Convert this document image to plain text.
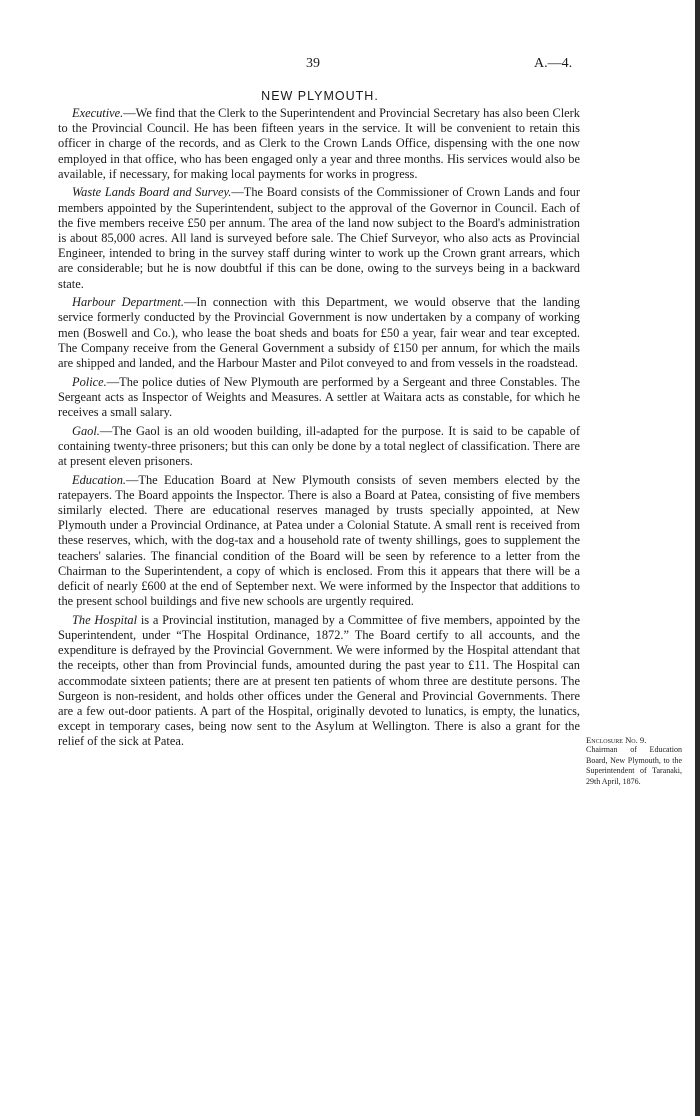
39	A.—4.
NEW PLYMOUTH.

Executive.—We find that the Clerk to the Superintendent and Provincial Secretary has also been Clerk to the Provincial Council. He has been fifteen years in the service. It will be convenient to retain this officer in charge of the records, and as Clerk to the Crown Lands Office, dispensing with the one now employed in that office, who has been engaged only a year and three months. His services would also be available, if necessary, for making local payments for works in progress.

Waste Lands Board and Survey.—The Board consists of the Commissioner of Crown Lands and four members appointed by the Superintendent, subject to the approval of the Governor in Council. Each of the five members receive £50 per annum. The area of the land now subject to the Board's administration is about 85,000 acres. All land is surveyed before sale. The Chief Surveyor, who also acts as Provincial Engineer, intended to bring in the survey staff during winter to work up the Crown grant arrears, which are considerable; but he is now doubtful if this can be done, owing to the surveys being in a backward state.

Harbour Department.—In connection with this Department, we would observe that the landing service formerly conducted by the Provincial Government is now undertaken by a company of working men (Boswell and Co.), who lease the boat sheds and boats for £50 a year, fair wear and tear excepted. The Company receive from the General Government a subsidy of £150 per annum, for which the mails are shipped and landed, and the Harbour Master and Pilot conveyed to and from vessels in the roadstead.

Police.—The police duties of New Plymouth are performed by a Sergeant and three Constables. The Sergeant acts as Inspector of Weights and Measures. A settler at Waitara acts as constable, for which he receives a small salary.

Gaol.—The Gaol is an old wooden building, ill-adapted for the purpose. It is said to be capable of containing twenty-three prisoners; but this can only be done by a total neglect of classification. There are at present eleven prisoners.

Education.—The Education Board at New Plymouth consists of seven members elected by the ratepayers. The Board appoints the Inspector. There is also a Board at Patea, consisting of five members similarly elected. There are educational reserves managed by trusts specially appointed, at New Plymouth under a Provincial Ordinance, at Patea under a Colonial Statute. A small rent is received from these reserves, which, with the dog-tax and a household rate of twenty shillings, goes to supplement the teachers' salaries. The financial condition of the Board will be seen by reference to a letter from the Chairman to the Superintendent, a copy of which is enclosed. From this it appears that there will be a deficit of nearly £600 at the end of September next. We were informed by the Inspector that additions to the present school buildings and five new schools are urgently required.

The Hospital is a Provincial institution, managed by a Committee of five members, appointed by the Superintendent, under “The Hospital Ordinance, 1872.” The Board certify to all accounts, and the expenditure is defrayed by the Provincial Government. We were informed by the Hospital attendant that the receipts, other than from Provincial funds, amounted during the past year to £11. The Hospital can accommodate sixteen patients; there are at present ten patients of whom three are destitute persons. The Surgeon is non-resident, and holds other offices under the General and Provincial Governments. There are a few out-door patients. A part of the Hospital, originally devoted to lunatics, is empty, the lunatics, except in temporary cases, being now sent to the Asylum at Wellington. There is also a grant for the relief of the sick at Patea.	Enclosure No. 9.
Chairman of Education Board, New Plymouth, to the Superintendent of Taranaki, 29th April, 1876.
